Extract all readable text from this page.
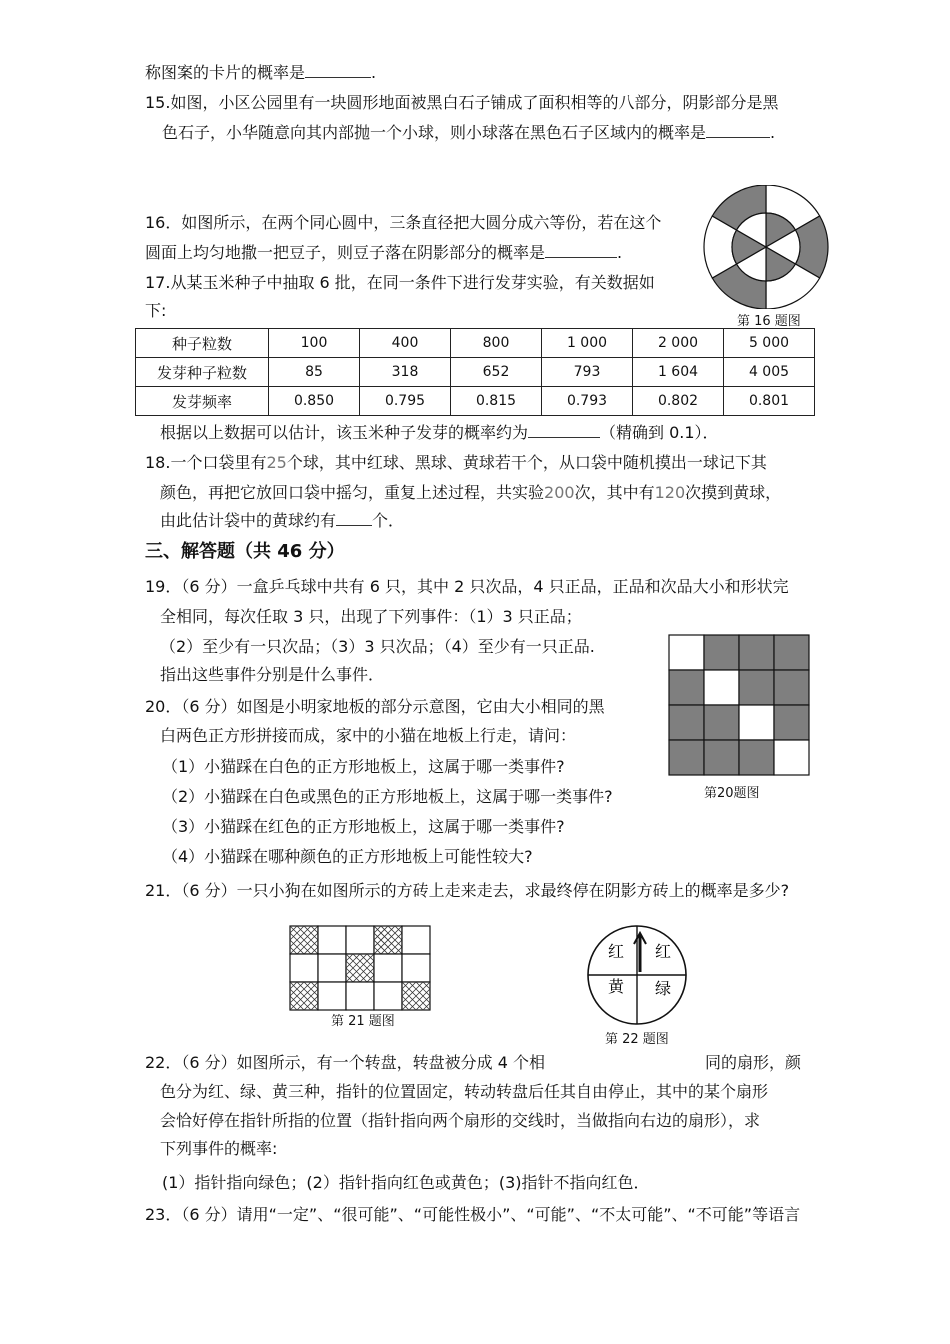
称图案的卡片的概率是	.
15.如图，小区公园里有一块圆形地面被黑白石子铺成了面积相等的八部分，阴影部分是黑
色石子，小华随意向其内部抛一个小球，则小球落在黑色石子区域内的概率是	.
16．如图所示，在两个同心圆中，三条直径把大圆分成六等份，若在这个
圆面上均匀地撒一把豆子，则豆子落在阴影部分的概率是	.
第 16 题图
17.从某玉米种子中抽取 6 批，在同一条件下进行发芽实验，有关数据如
下:
种子粒数	100	400	800	1 000	2 000	5 000
发芽种子粒数	85	318	652	793	1 604	4 005
发芽频率	0.850	0.795	0.815	0.793	0.802	0.801
根据以上数据可以估计，该玉米种子发芽的概率约为	（精确到 0.1）．
18.一个口袋里有25个球，其中红球、黑球、黄球若干个，从口袋中随机摸出一球记下其
颜色，再把它放回口袋中摇匀，重复上述过程，共实验200次，其中有120次摸到黄球，
由此估计袋中的黄球约有 个．
三、解答题（共 46 分）
19．（6 分）一盒乒乓球中共有 6 只，其中 2 只次品，4 只正品，正品和次品大小和形状完
全相同，每次任取 3 只，出现了下列事件：（1）3 只正品；
（2）至少有一只次品；（3）3 只次品；（4）至少有一只正品.
指出这些事件分别是什么事件．
第20题图
20．（6 分）如图是小明家地板的部分示意图，它由大小相同的黑
白两色正方形拼接而成，家中的小猫在地板上行走，请问：
（1）小猫踩在白色的正方形地板上，这属于哪一类事件?
（2）小猫踩在白色或黑色的正方形地板上，这属于哪一类事件?
（3）小猫踩在红色的正方形地板上，这属于哪一类事件?
（4）小猫踩在哪种颜色的正方形地板上可能性较大?
21．（6 分）一只小狗在如图所示的方砖上走来走去，求最终停在阴影方砖上的概率是多少?
第 21 题图
红 红
黄 绿
第 22 题图
22．（6 分）如图所示，有一个转盘，转盘被分成 4 个相	同的扇形，颜
色分为红、绿、黄三种，指针的位置固定，转动转盘后任其自由停止，其中的某个扇形
会恰好停在指针所指的位置（指针指向两个扇形的交线时，当做指向右边的扇形），求
下列事件的概率:
(1）指针指向绿色；(2）指针指向红色或黄色；(3)指针不指向红色．
23．（6 分）请用“一定”、“很可能”、“可能性极小”、“可能”、“不太可能”、“不可能”等语言
